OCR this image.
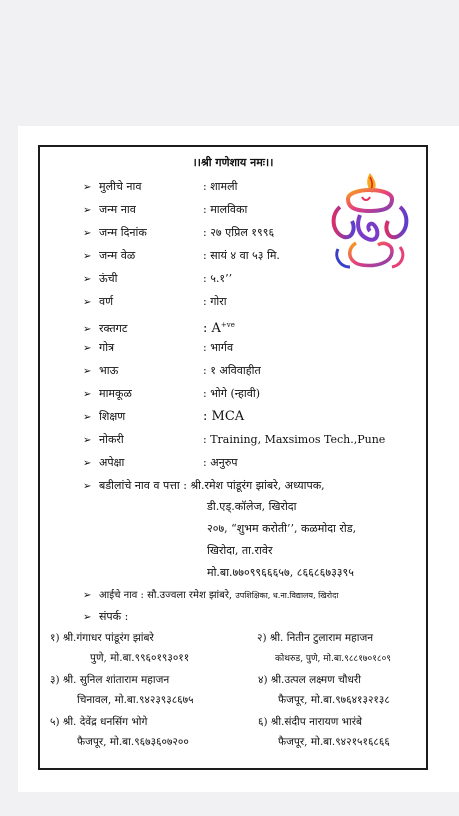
।।श्री गणेशाय नमः।।
➢ मुलीचे नाव	: शामली
➢ जन्म नाव	: मालविका
➢ जन्म दिनांक	: २७ एप्रिल १९९६
➢ जन्म वेळ	: सायं ४ वा ५३ मि.
➢ ऊंची	: ५.१’’
➢ वर्ण	: गोरा
➢ रक्तगट	: $A^{+ve}$
➢ गोत्र	: भार्गव
➢ भाऊ	: १ अविवाहीत
➢ मामकूळ	: भोगे (न्हावी)
➢ शिक्षण	: MCA
➢ नोकरी	: Training, Maxsimos Tech.,Pune
➢ अपेक्षा	: अनुरुप
➢ बडीलांचे नाव व पत्ता : श्री.रमेश पांडूरंग झांबरे, अध्यापक,
डी.एड्.कॉलेज, खिरोदा
२०७, “शुभम करोती’’, कळमोदा रोड,
खिरोदा, ता.रावेर
मो.बा.७७०९९६६६५७, ८६६८६७३३९५
➢ आईचे नाव : सौ.उज्वला रमेश झांबरे, उपशिक्षिका, ध.ना.विद्यालय, खिरोदा
➢ संपर्क :
१) श्री.गंगाधर पांडूरंग झांबरे
पुणे, मो.बा.९९६०१९३०११
२) श्री. नितीन टुलाराम महाजन
कोथरुड, पुणे, मो.बा.९८८१७०१८०९
३) श्री. सुनिल शांताराम महाजन
चिनावल, मो.बा.९४२३९३८६७५
४) श्री.उत्पल लक्ष्मण चौधरी
फैजपूर, मो.बा.९७६४१३२१३८
५) श्री. देवेंद्र धनसिंग भोगे
फैजपूर, मो.बा.९६७३६०७२००
६) श्री.संदीप नारायण भारंबे
फैजपूर, मो.बा.९४२१५१६८६६
